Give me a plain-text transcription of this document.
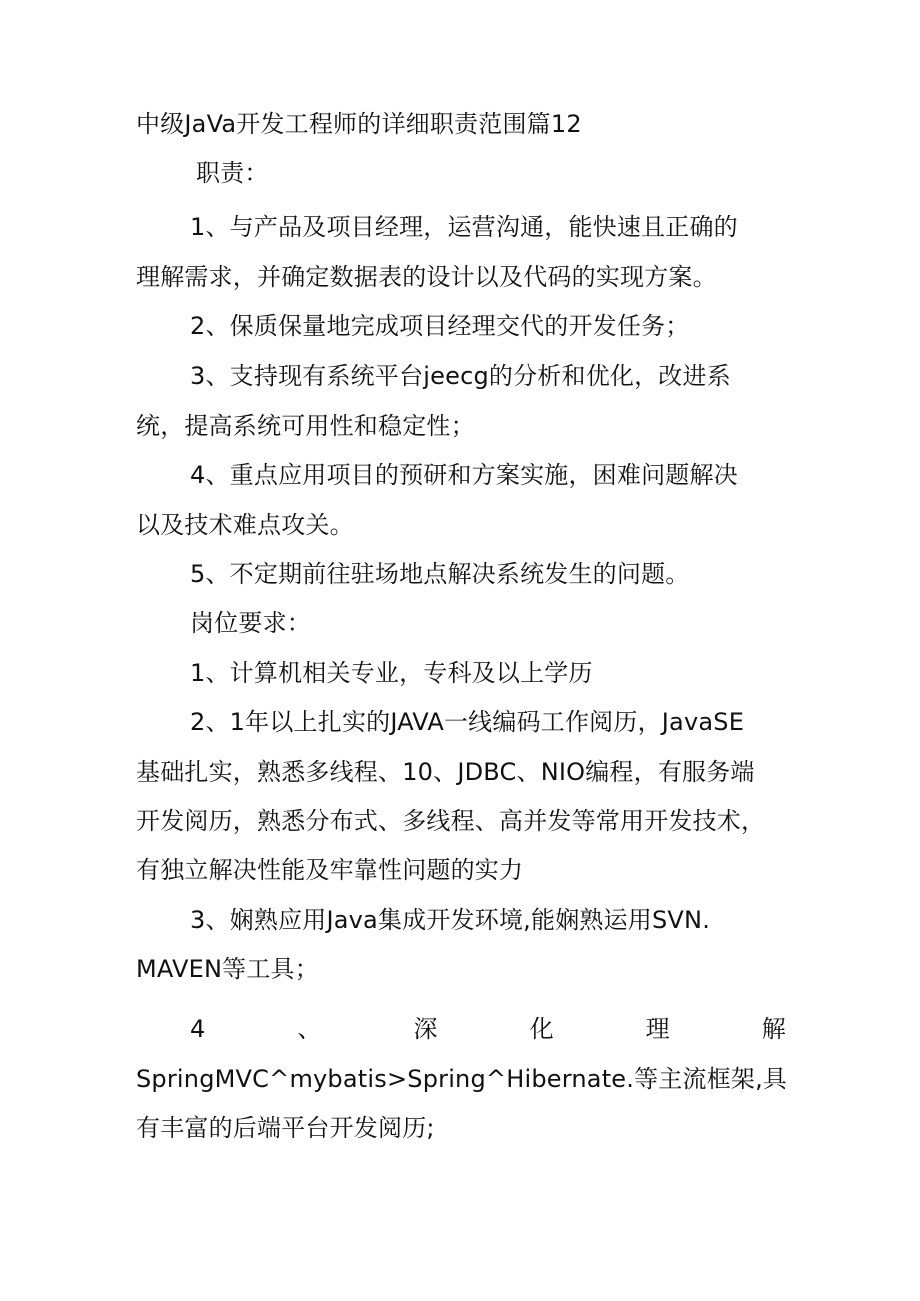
中级JaVa开发工程师的详细职责范围篇12
职责：
1、与产品及项目经理，运营沟通，能快速且正确的
理解需求，并确定数据表的设计以及代码的实现方案。
2、保质保量地完成项目经理交代的开发任务；
3、支持现有系统平台jeecg的分析和优化，改进系
统，提高系统可用性和稳定性；
4、重点应用项目的预研和方案实施，困难问题解决
以及技术难点攻关。
5、不定期前往驻场地点解决系统发生的问题。
岗位要求：
1、计算机相关专业，专科及以上学历
2、1年以上扎实的JAVA一线编码工作阅历，JavaSE
基础扎实，熟悉多线程、10、JDBC、NIO编程，有服务端
开发阅历，熟悉分布式、多线程、高并发等常用开发技术，
有独立解决性能及牢靠性问题的实力
3、娴熟应用Java集成开发环境,能娴熟运用SVN.
MAVEN等工具；
4	、	深	化	理	解
SpringMVC^mybatis>Spring^Hibernate.等主流框架,具
有丰富的后端平台开发阅历;
